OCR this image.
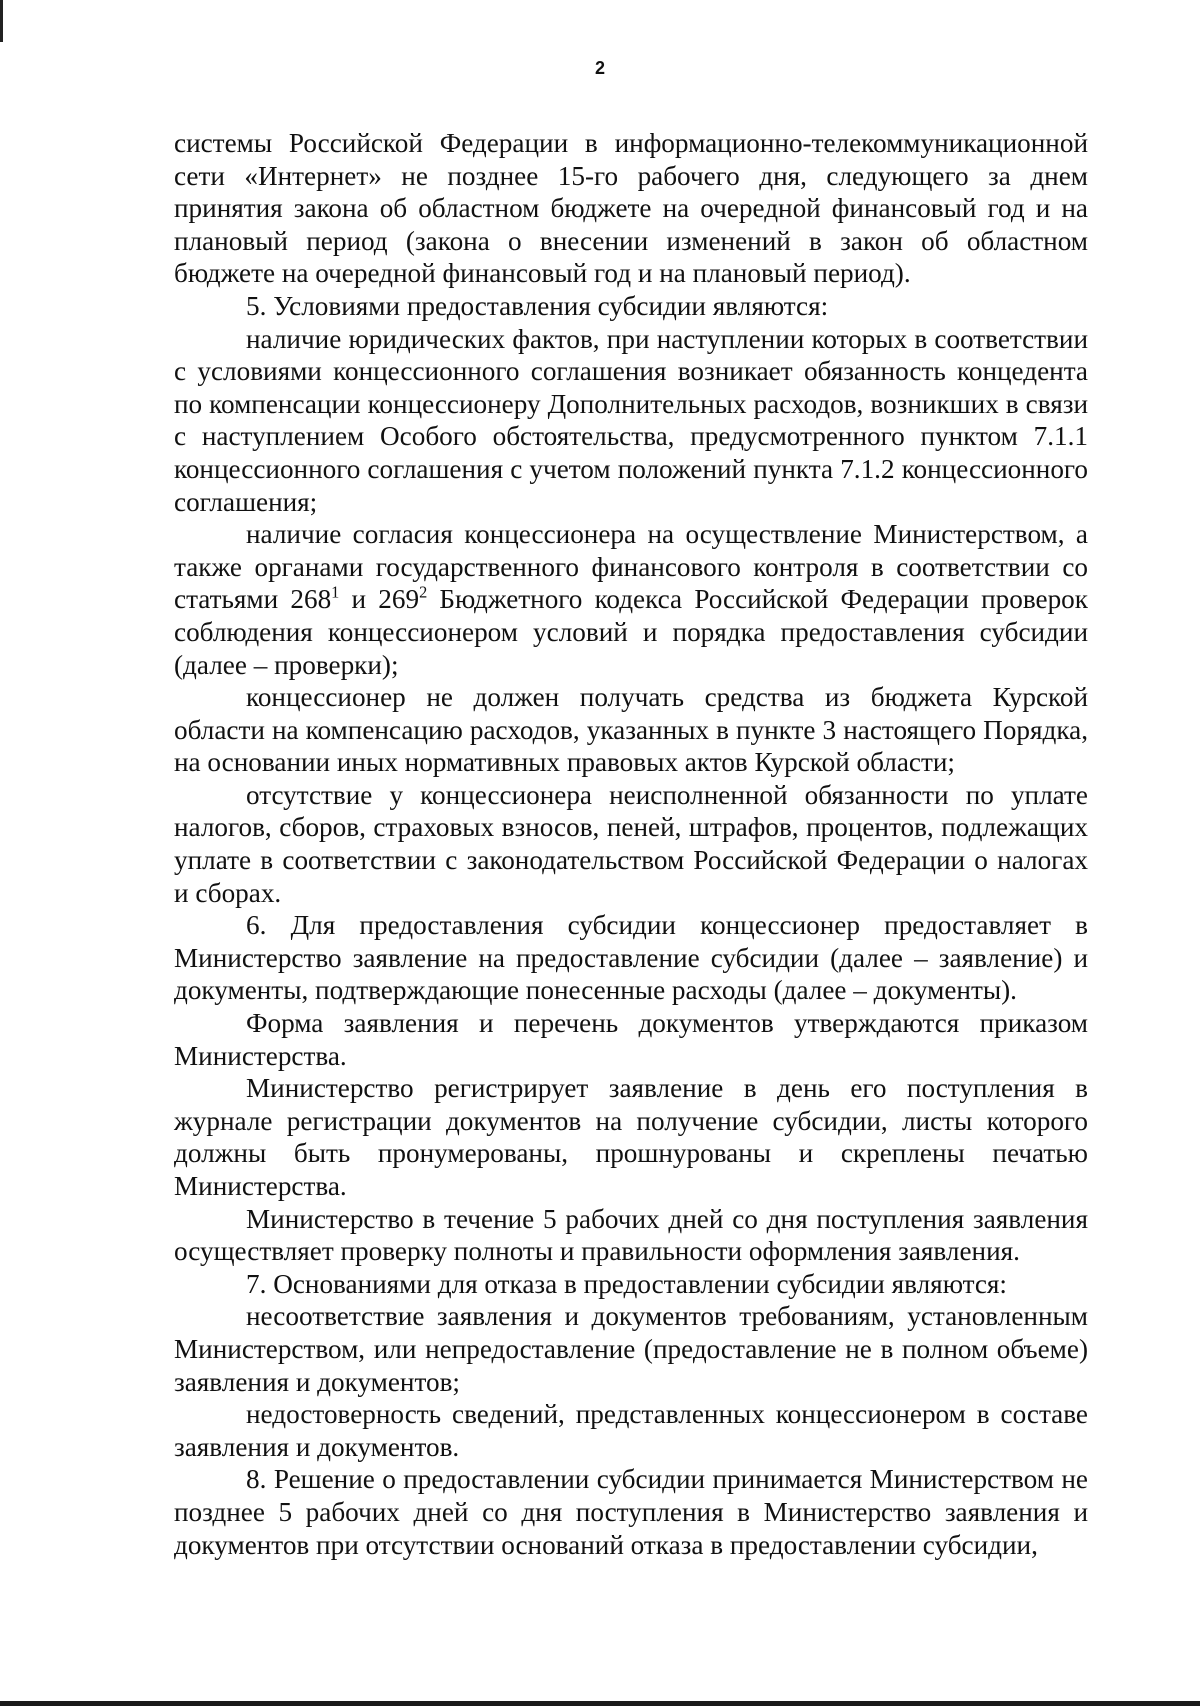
2

системы Российской Федерации в информационно-телекоммуникационной сети «Интернет» не позднее 15-го рабочего дня, следующего за днем принятия закона об областном бюджете на очередной финансовый год и на плановый период (закона о внесении изменений в закон об областном бюджете на очередной финансовый год и на плановый период).

5. Условиями предоставления субсидии являются:

наличие юридических фактов, при наступлении которых в соответствии с условиями концессионного соглашения возникает обязанность концедента по компенсации концессионеру Дополнительных расходов, возникших в связи с наступлением Особого обстоятельства, предусмотренного пунктом 7.1.1 концессионного соглашения с учетом положений пункта 7.1.2 концессионного соглашения;

наличие согласия концессионера на осуществление Министерством, а также органами государственного финансового контроля в соответствии со статьями $268^1$ и $269^2$ Бюджетного кодекса Российской Федерации проверок соблюдения концессионером условий и порядка предоставления субсидии (далее – проверки);

концессионер не должен получать средства из бюджета Курской области на компенсацию расходов, указанных в пункте 3 настоящего Порядка, на основании иных нормативных правовых актов Курской области;

отсутствие у концессионера неисполненной обязанности по уплате налогов, сборов, страховых взносов, пеней, штрафов, процентов, подлежащих уплате в соответствии с законодательством Российской Федерации о налогах и сборах.

6. Для предоставления субсидии концессионер предоставляет в Министерство заявление на предоставление субсидии (далее – заявление) и документы, подтверждающие понесенные расходы (далее – документы).

Форма заявления и перечень документов утверждаются приказом Министерства.

Министерство регистрирует заявление в день его поступления в журнале регистрации документов на получение субсидии, листы которого должны быть пронумерованы, прошнурованы и скреплены печатью Министерства.

Министерство в течение 5 рабочих дней со дня поступления заявления осуществляет проверку полноты и правильности оформления заявления.

7. Основаниями для отказа в предоставлении субсидии являются:

несоответствие заявления и документов требованиям, установленным Министерством, или непредоставление (предоставление не в полном объеме) заявления и документов;

недостоверность сведений, представленных концессионером в составе заявления и документов.

8. Решение о предоставлении субсидии принимается Министерством не позднее 5 рабочих дней со дня поступления в Министерство заявления и документов при отсутствии оснований отказа в предоставлении субсидии,
